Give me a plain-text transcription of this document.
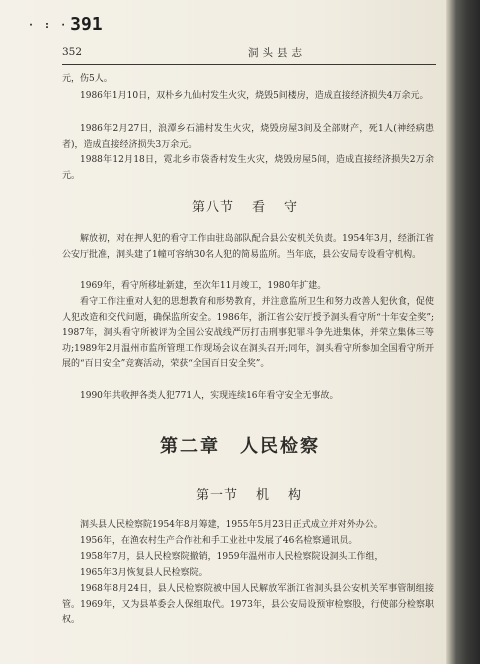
· : · 391
352	洞头县志

元，伤5人。

1986年1月10日，双朴乡九仙村发生火灾，烧毁5间楼房，造成直接经济损失4万余元。

1986年2月27日，浪潭乡石浦村发生火灾，烧毁房屋3间及全部财产，死1人(神经病患者)，造成直接经济损失3万余元。

1988年12月18日，霓北乡市袋香村发生火灾，烧毁房屋5间，造成直接经济损失2万余元。

第八节 看 守

解放初，对在押人犯的看守工作由驻岛部队配合县公安机关负责。1954年3月，经浙江省公安厅批准，洞头建了1幢可容纳30名人犯的简易监所。当年底，县公安局专设看守机构。

1969年，看守所移址新建，至次年11月竣工，1980年扩建。

看守工作注重对人犯的思想教育和形势教育，并注意监所卫生和努力改善人犯伙食，促使人犯改造和交代问题，确保监所安全。1986年，浙江省公安厅授予洞头看守所“十年安全奖”;1987年，洞头看守所被评为全国公安战线严厉打击刑事犯罪斗争先进集体，并荣立集体三等功;1989年2月温州市监所管理工作现场会议在洞头召开;同年，洞头看守所参加全国看守所开展的“百日安全”竞赛活动，荣获“全国百日安全奖”。

1990年共收押各类人犯771人，实现连续16年看守安全无事故。

第二章 人民检察
第一节 机 构

洞头县人民检察院1954年8月筹建，1955年5月23日正式成立并对外办公。

1956年，在渔农村生产合作社和手工业社中发展了46名检察通讯员。

1958年7月，县人民检察院撤销，1959年温州市人民检察院设洞头工作组，

1965年3月恢复县人民检察院。

1968年8月24日，县人民检察院被中国人民解放军浙江省洞头县公安机关军事管制组接管。1969年，又为县革委会人保组取代。1973年，县公安局设预审检察股，行使部分检察职权。
